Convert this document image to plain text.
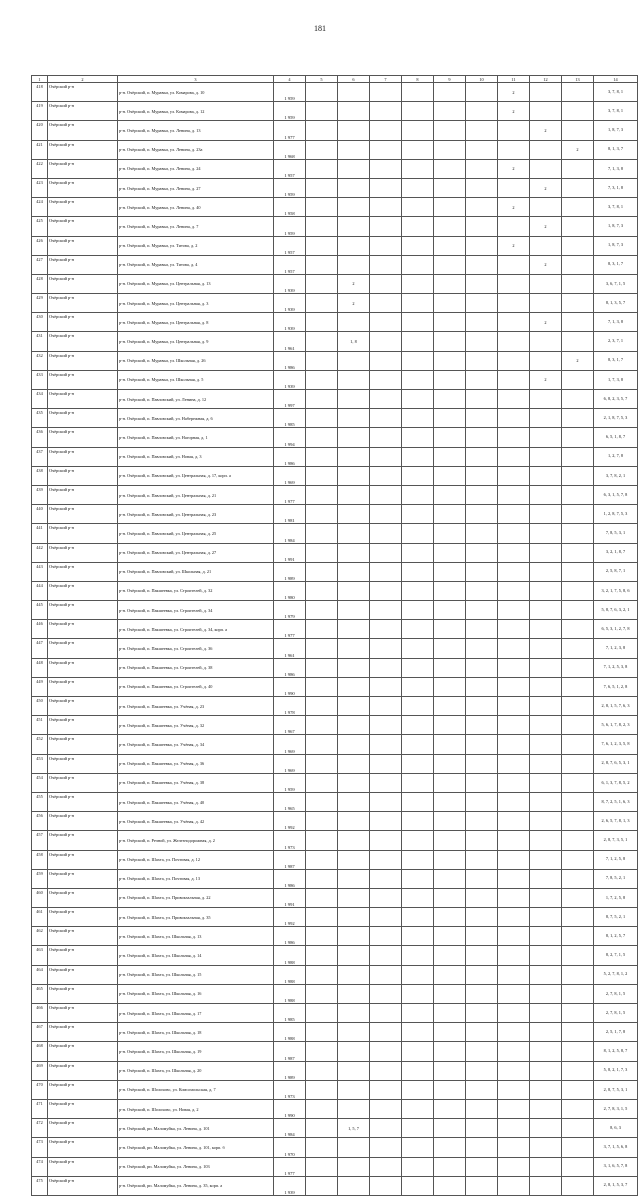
181
1	2	3	4	5	6	7	8	9	10	11	12	13	14
418	Очёрский р-н	р-н. Очёрский, п. Муравьи, ул. Комарова, д. 10	1 959							2			3, 7, 8, 1
419	Очёрский р-н	р-н. Очёрский, п. Муравьи, ул. Комарова, д. 12	1 959							2			3, 7, 8, 1
420	Очёрский р-н	р-н. Очёрский, п. Муравьи, ул. Ленина, д. 13	1 977								2		1, 8, 7, 3
421	Очёрский р-н	р-н. Очёрский, п. Муравьи, ул. Ленина, д. 23а	1 968									2	8, 1, 3, 7
422	Очёрский р-н	р-н. Очёрский, п. Муравьи, ул. Ленина, д. 24	1 957							2			7, 1, 3, 8
423	Очёрский р-н	р-н. Очёрский, п. Муравьи, ул. Ленина, д. 27	1 959								2		7, 3, 1, 8
424	Очёрский р-н	р-н. Очёрский, п. Муравьи, ул. Ленина, д. 40	1 958							2			3, 7, 8, 1
425	Очёрский р-н	р-н. Очёрский, п. Муравьи, ул. Ленина, д. 7	1 959								2		1, 8, 7, 3
426	Очёрский р-н	р-н. Очёрский, п. Муравьи, ул. Титова, д. 2	1 957							2			1, 8, 7, 3
427	Очёрский р-н	р-н. Очёрский, п. Муравьи, ул. Титова, д. 4	1 957								2		8, 3, 1, 7
428	Очёрский р-н	р-н. Очёрский, п. Муравьи, ул. Центральная, д. 13	1 939		2								3, 6, 7, 1, 5
429	Очёрский р-н	р-н. Очёрский, п. Муравьи, ул. Центральная, д. 3	1 939		2								8, 1, 3, 5, 7
430	Очёрский р-н	р-н. Очёрский, п. Муравьи, ул. Центральная, д. 8	1 939								2		7, 1, 3, 8
431	Очёрский р-н	р-н. Очёрский, п. Муравьи, ул. Центральная, д. 9	1 961		1, 8								2, 3, 7, 1
432	Очёрский р-н	р-н. Очёрский, п. Муравьи, ул. Школьная, д. 26	1 986									2	8, 3, 1, 7
433	Очёрский р-н	р-н. Очёрский, п. Муравьи, ул. Школьная, д. 5	1 939								2		1, 7, 3, 8
434	Очёрский р-н	р-н. Очёрский, п. Павловский, ул. Ленина, д. 12	1 997										6, 8, 2, 3, 5, 7
435	Очёрский р-н	р-н. Очёрский, п. Павловский, ул. Набережная, д. 6	1 985										2, 1, 8, 7, 5, 3
436	Очёрский р-н	р-н. Очёрский, п. Павловский, ул. Нагорная, д. 1	1 994										6, 5, 1, 8, 7
437	Очёрский р-н	р-н. Очёрский, п. Павловский, ул. Новая, д. 3	1 986										1, 2, 7, 8
438	Очёрский р-н	р-н. Очёрский, п. Павловский, ул. Центральная, д. 17, корп. а	1 969										3, 7, 8, 2, 1
439	Очёрский р-н	р-н. Очёрский, п. Павловский, ул. Центральная, д. 21	1 977										6, 3, 1, 5, 7, 8
440	Очёрский р-н	р-н. Очёрский, п. Павловский, ул. Центральная, д. 23	1 981										1, 2, 8, 7, 5, 3
441	Очёрский р-н	р-н. Очёрский, п. Павловский, ул. Центральная, д. 25	1 984										7, 8, 5, 3, 1
442	Очёрский р-н	р-н. Очёрский, п. Павловский, ул. Центральная, д. 27	1 991										3, 2, 1, 8, 7
443	Очёрский р-н	р-н. Очёрский, п. Павловский, ул. Школьная, д. 21	1 989										2, 5, 8, 7, 1
444	Очёрский р-н	р-н. Очёрский, п. Пакшеевка, ул. Строителей, д. 32	1 980										3, 2, 1, 7, 5, 8, 6
445	Очёрский р-н	р-н. Очёрский, п. Пакшеевка, ул. Строителей, д. 34	1 979										5, 8, 7, 6, 3, 2, 1
446	Очёрский р-н	р-н. Очёрский, п. Пакшеевка, ул. Строителей, д. 34, корп. а	1 977										6, 5, 3, 1, 2, 7, 8
447	Очёрский р-н	р-н. Очёрский, п. Пакшеевка, ул. Строителей, д. 36	1 961										7, 1, 2, 3, 8
448	Очёрский р-н	р-н. Очёрский, п. Пакшеевка, ул. Строителей, д. 38	1 986										7, 1, 2, 5, 3, 8
449	Очёрский р-н	р-н. Очёрский, п. Пакшеевка, ул. Строителей, д. 40	1 990										7, 6, 5, 1, 2, 8
450	Очёрский р-н	р-н. Очёрский, п. Пакшеевка, ул. Учёная, д. 23	1 978										2, 8, 1, 5, 7, 6, 3
451	Очёрский р-н	р-н. Очёрский, п. Пакшеевка, ул. Учёная, д. 32	1 967										5, 6, 1, 7, 8, 2, 3
452	Очёрский р-н	р-н. Очёрский, п. Пакшеевка, ул. Учёная, д. 34	1 969										7, 6, 1, 2, 3, 5, 8
453	Очёрский р-н	р-н. Очёрский, п. Пакшеевка, ул. Учёная, д. 36	1 969										2, 8, 7, 6, 5, 3, 1
454	Очёрский р-н	р-н. Очёрский, п. Пакшеевка, ул. Учёная, д. 38	1 959										6, 1, 3, 7, 8, 5, 2
455	Очёрский р-н	р-н. Очёрский, п. Пакшеевка, ул. Учёная, д. 40	1 965										8, 7, 2, 5, 1, 6, 3
456	Очёрский р-н	р-н. Очёрский, п. Пакшеевка, ул. Учёная, д. 42	1 992										2, 6, 5, 7, 8, 1, 3
457	Очёрский р-н	р-н. Очёрский, п. Речной, ул. Железнодорожная, д. 2	1 973										2, 8, 7, 3, 5, 1
458	Очёрский р-н	р-н. Очёрский, п. Шахта, ул. Почтовая, д. 12	1 987										7, 1, 2, 5, 8
459	Очёрский р-н	р-н. Очёрский, п. Шахта, ул. Почтовая, д. 13	1 986										7, 8, 5, 2, 1
460	Очёрский р-н	р-н. Очёрский, п. Шахта, ул. Привокзальная, д. 22	1 991										1, 7, 2, 5, 8
461	Очёрский р-н	р-н. Очёрский, п. Шахта, ул. Привокзальная, д. 35	1 992										8, 7, 5, 2, 1
462	Очёрский р-н	р-н. Очёрский, п. Шахта, ул. Школьная, д. 13	1 986										8, 1, 2, 5, 7
463	Очёрский р-н	р-н. Очёрский, п. Шахта, ул. Школьная, д. 14	1 988										8, 2, 7, 1, 5
464	Очёрский р-н	р-н. Очёрский, п. Шахта, ул. Школьная, д. 15	1 988										5, 2, 7, 8, 1, 2
465	Очёрский р-н	р-н. Очёрский, п. Шахта, ул. Школьная, д. 16	1 988										2, 7, 8, 1, 5
466	Очёрский р-н	р-н. Очёрский, п. Шахта, ул. Школьная, д. 17	1 985										2, 7, 8, 1, 5
467	Очёрский р-н	р-н. Очёрский, п. Шахта, ул. Школьная, д. 18	1 988										2, 5, 1, 7, 8
468	Очёрский р-н	р-н. Очёрский, п. Шахта, ул. Школьная, д. 19	1 987										8, 1, 2, 5, 8, 7
469	Очёрский р-н	р-н. Очёрский, п. Шахта, ул. Школьная, д. 20	1 989										5, 8, 2, 1, 7, 3
470	Очёрский р-н	р-н. Очёрский, п. Шолохово, ул. Комсомольская, д. 7	1 973										2, 8, 7, 5, 3, 1
471	Очёрский р-н	р-н. Очёрский, п. Шолохово, ул. Новая, д. 2	1 990										2, 7, 8, 3, 1, 5
472	Очёрский р-н	р-н. Очёрский, рп. Маломуйка, ул. Ленина, д. 101	1 984		1, 5, 7								8, 6, 3
473	Очёрский р-н	р-н. Очёрский, рп. Маломуйка, ул. Ленина, д. 101, корп. б	1 970										3, 7, 1, 5, 6, 8
474	Очёрский р-н	р-н. Очёрский, рп. Маломуйка, ул. Ленина, д. 103	1 977										3, 1, 6, 5, 7, 8
475	Очёрский р-н	р-н. Очёрский, рп. Маломуйка, ул. Ленина, д. 35, корп. а	1 939										2, 8, 1, 5, 3, 7
